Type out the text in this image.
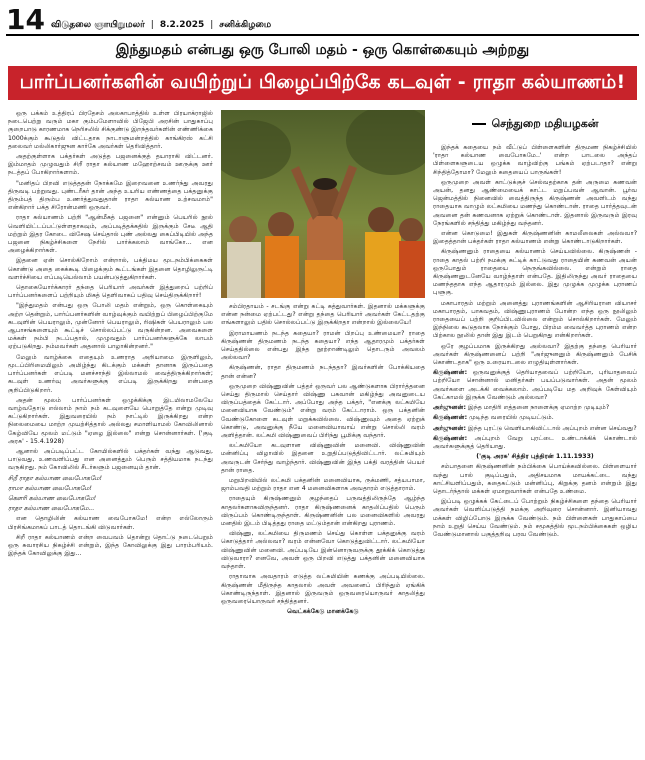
14 விடுதலை ஞாயிறுமலர் | 8.2.2025 | சனிக்கிழமை
இந்துமதம் என்பது ஒரு போலி மதம் - ஒரு கொள்கையும் அற்றது
பார்ப்பனர்களின் வயிற்றுப் பிழைப்பிற்கே கடவுள் - ராதா கல்யாணம்!

ஒரு பக்கம் உத்திரப் பிரதேசம் அலகாபாத்தில் உள்ள பிரயாக்ராஜில் நடைபெற்று வரும் மகா கும்பமேளாவில் பிஜேபி அரசின் பாதுகாப்பு குறைபாடு காரணமாக நெரிசலில் சிக்குண்டு இறந்தவர்களின் எண்ணிக்கை 1000க்கும் கூடுதல் விட்டதாக நாடாளுமன்றத்தில் காங்கிரஸ் கட்சி தலைவர் மல்லிகார்ஜுன கார்கே அவர்கள் தெரிவித்தார்.

அதற்குள்ளாக பக்தர்கள் அடுத்த பஜனைக்குத் தயாராகி விட்டனர். இம்மாதம் முழுவதும் சிறீ ராதா கல்யாண மஹோற்சவம் ஊருக்கு ஊர் நடத்தப் போகிறார்களாம்.

"மனிதப் பிறவி எடுத்ததன் நோக்கமே இறைவனை உணர்ந்து அவரது திருவடி பற்றுவது. புண்டரீகர் தான் அந்த உயரிய எண்ணத்தை பக்தனுக்கு திரும்பத் திரும்ப உணர்த்துவதுதான் ராதா கல்யாண உற்சவமாம்" என்கிறார் பக்த சிரோன்மணி ஒருவர்.

ராதா கல்யாணம் பற்றி "ஆன்மீகத் பஜனை" என்னும் பெயரில் நூல் வெளியிட்டப்பட்டுள்ளதாகவும், அப்படித்தக்கதில் இருக்கும் சேடீ ஆதி மற்றும் இதர கோடை விசேஷ செய்தால் புண் அல்லது கைப்பிடியில் அந்த பஜனை நிகழ்ச்சிகளை நேரில் பார்க்கலாம் வாங்கோ... என அழைக்கிறார்கள்.

இதனை ஏன் சொல்கிறோம் என்றால், பக்திமய மூடநம்பிக்கைகள் கொண்டு அதை கைக்கூடி பிழைக்கும் கூட்டங்கள் இதனை தொழிலுருட்டி வளர்ச்சியை எப்படியெல்லாம் பயன்படுத்துகிறார்கள்.

தொகையோர்க்காரர் தந்தை பெரியார் அவர்கள் இத்துறைப் பற்றிப் பார்ப்பனர்களைப் பற்றியும் மிகத் தெளிவாகப் பதிவு செய்திருக்கிறார்!

"இந்துமதம் என்பது ஒரு போலி மதம் என்றும், ஒரு கொள்கையும் அற்ற தென்றும், பார்ப்பனர்களின் வாழ்வுக்கும் வயிற்றுப் பிழைப்பிற்குமே கடவுளின் பெயராலும், முன்னோர் பெயராலும், ரிஷிகள் பெயராலும் பல ஆபாசங்களையும் கூட்டிச் சொல்லப்பட்டு வருகின்றன. அவைகளை மக்கள் நம்பி நடப்பதால், முழுவதும் பார்ப்பனர்களுக்கே லாபம் ஏற்படுகிறது. நம்மவர்கள் அதனால் பாழாகின்றனர்."

மேலும் வாழ்க்கை எதையும் உணராத அறியாமை இருளிலும், மூடப்பிரிமையிலும் அமிழ்ந்து கிடக்கும் மக்கள் தானாக இருப்பதை பார்ப்பனர்கள் எப்படி மனச்சாந்தி இல்லாமல் வைத்திருக்கிறார்கள்; கடவுள் உணர்வு அவர்களுக்கு எப்படி இருக்கிறது என்பதை குறிப்பிடுகிறார்.

அதன் மூலம் பார்ப்பனர்கள் ஒழுக்கிக்கு இடமிலாமலேயே வாழ்வதோடு எல்லாம் நாம் நம் கடவுளையே பொறுத்தே என்று முடிவு கட்டுகிறார்கள். இதுவரையில் நம் நாட்டில் இருக்கிறது என்ற நிலைமையை மாற்ற முயற்சித்தால் அல்லது சமாளியாமல் கோவிலினால் கேழ்வியே மூலம் மட்டும் "ஏழை இல்லை" என்று சொன்னார்கள். ('குடி அரசு' - 15.4.1928)

ஆனால் அப்படிப்பட்ட கோயில்களில் பக்தர்கள் வந்து ஆடுவது, பாடுவது, உணவளிப்பது என அனைத்தும் பெரும் சத்தியமாக நடந்து வருகிறது. நம் கோவிலில் சீடர்களும் பஜனையும் தான்.

சிறீ ராதா கல்யாண வைபோகமே!

ராமா கல்யாண வைபோகமே!

கௌரி கல்யாண வைபோகமே!

ராதா கல்யாண வைபோகமே...

என தொழிலின் கல்யாண வைபோகமே! என்ற எல்லோரும் பிரசிங்கமாகப் பாடத் தொடங்கி விடுவார்கள்.

சிறீ ராதா கல்யாணம் என்ற வைபவம் தொன்று தொட்டு நடைபெறும் ஒரு சுவாரசிய நிகழ்ச்சி என்றும், இந்த கோவிலுக்கு இது பாரம்பரியம். இந்தக் கோவிலுக்கு இது...

சம்பிரதாயம் - சடங்கு என்று கட்டி கத்துவார்கள். இதனால் மக்களுக்கு என்ன நன்மை ஏற்பட்டது? என்று தந்தை பெரியார் அவர்கள் கேட்டதற்கு எங்களாலும் பதில் சொல்லப்பட்டு இருக்கிறதா என்றால் இல்லையே!

இராமாயணம் நடந்த கதையா? ராமன் பிறப்பு உண்மையா? ராதை கிருஷ்ணன் திருமணம் நடந்த கதையா? எந்த ஆதாரமும் பக்தர்கள் செய்ததில்லை என்பது இந்த நூற்றாண்டிலும் தொடரும் அவலம் அல்லவா?

கிருஷ்ணன், ராதா திருமணம் நடந்ததா? இவர்களின் போக்கியதை தான் என்ன?

ஒருமுறை விஷ்ணுவின் பத்தர் ஒருவர் பல ஆண்டுகளாக பிரார்த்தனை செய்து திருமால் செய்தார் விஷ்ணு பகவான் மகிழ்ந்து அவனுடைய விருப்பத்தைக் கேட்டார். அப்போது அந்த பக்தர், "எனக்கு லட்சுமியே மனைவியாக வேண்டும்" என்று வரம் கேட்டாராம். ஒரு பக்தனின் வேண்டுகோளை கடவுள் மறுக்கவில்லை. விஷ்ணுவும் அதை ஏற்றுக் கொண்டு, அவனுக்கு நீயே மனைவியாவாய் என்று சொல்லி வரம் அளித்தான். லட்சுமி விஷ்ணுவைப் பிரிந்து பூமிக்கு வந்தார்.

லட்சுமியோ கடவுளான விஷ்ணுவின் மனைவி. விஷ்ணுவின் மன்னிப்பு விழாவில் இதனை உறுதிப்படுத்திவிட்டார். லட்சுமியும் அவருடன் சேர்ந்து வாழ்ந்தார். விஷ்ணுவின் இந்த பக்தி வரத்தின் பெயர் தான் ராதை.

மறுபிறவியில் லட்சுமி பக்தனின் மனைவியாக, ருக்மணி, சத்யபாமா, ஜாம்பவதி மற்றும் ராதா என 4 மனைவிகளாக அவதாரம் எடுத்தாராம்.

ராதையும் கிருஷ்ணனும் குழந்தைப் பருவத்திலிருந்தே ஆழ்ந்த காதலர்களாகவிருந்தனர். ராதா கிருஷ்ணனைக் காதலிப்பதில் பெரும் விருப்பம் கொண்டிருந்தாள். கிருஷ்ணனின் பல மனைவிகளில் அவரது மனதில் இடம் பிடித்தது ராதை மட்டும்தான் என்கிறது புராணம்.

விஷ்ணு, லட்சுமியை திருமணம் செய்து கொள்ள பக்தனுக்கு வரம் கொடுத்தார் அல்லவா? வரம் என்னவோ கொடுத்துவிட்டார். லட்சுமியோ விஷ்ணுவின் மனைவி. அப்படியே இன்னொருவருக்கு தூக்கிக் கொடுத்து விடுவாரா? எனவே, அவள் ஒரு பிறவி எடுத்து பக்தனின் மனைவியாக வந்தாள்.

ராதாவாக அவதாரம் எடுத்த லட்சுமியின் கணக்கு அப்படியில்லை. கிருஷ்ணன் மீதிருந்த காதலால் அவள் அவனைப் பிரிந்தும் ஏங்கிக் கொண்டிருந்தாள். இதனால் இருவரும் ஒருவரையொருவர் காதலித்து ஒருவரையொருவர் சந்தித்தனர்.

வெட்கக்கேடு மானக்கேடு

செந்துறை மதியழகன்

இந்தக் கதையை நம் வீட்டுப் பிள்ளைகளின் திருமண நிகழ்ச்சியில் 'ராதா கல்யாண வைபோகமே..' என்ற பாடலை அந்தப் பிள்ளைகளுடைய ஒழுக்க வாழ்விற்கு பங்கம் ஏற்படாதா? என்று சிந்தித்தோமா? மேலும் கதையைப் பாருங்கள்!

ஒருமுறை அவள் காட்டுக்குச் செல்வதற்காக தன் அருமை கணவன் அயன், தனது ஆண்மையைக் காட்ட மறுப்பவன் ஆவான். பூர்வ ஜென்மத்தில் நினைவில் வைத்திருந்த கிருஷ்ணன் அவளிடம் வந்து ராதையாக வாழும் லட்சுமியை மணந்து கொண்டான். ராதை பார்த்தவுடன் அவனை தன் கணவனாக ஏற்றுக் கொண்டாள். இதனால் இருவரும் இரவு நேரங்களில் சந்தித்து மகிழ்ந்து வந்தனர்.

என்ன கொடுமை! இதுகள் கிருஷ்ணனின் காமலீலைகள் அல்லவா? இதைத்தான் பக்தர்கள் ராதா கல்யாணம் என்று கொண்டாடுகிறார்கள்.

கிருஷ்ணனும் ராதையை கல்யாணம் செய்யவில்லை. கிருஷ்ணன் - ராதை காதல் பற்றி நமக்கு சுட்டிக் காட்டுவது ராதையின் கணவன் அயன் ஒருபோதும் ராதையை நெருங்கவில்லை. என்றும் ராதை கிருஷ்ணனுடனேயே வாழ்ந்தாள் என்பதே. இதிலிருந்து அவர் ராதையை மணந்ததாக எந்த ஆதாரமும் இல்லை. இது முழுக்க முழுக்க புராணப் புளுகு.

மகாபாரதம் மற்றும் அனைத்து புராணங்களின் ஆசிரியரான வியாசர் மகாபாரதம், பாகவதம், விஷ்ணுபுராணம் போன்ற எந்த ஒரு நூலிலும் ராதையைப் பற்றி குறிப்பிடவில்லை என்றும் சொல்கிறார்கள். மேலும் இந்நிலை கூடுதலாக நோக்கும் போது, பிரம்ம வைவர்த்த புராணம் என்ற பிற்கால நூலில் தான் இது இடம் பெறுகிறது என்கிறார்கள்.

ஒரே குழப்பமாக இருக்கிறது அல்லவா? இதற்கு தந்தை பெரியார் அவர்கள் கிருஷ்ணனைப் பற்றி "அர்ஜுனனும் கிருஷ்ணனும் பேசிக் கொண்டதாக" ஒரு உரையாடலை எழுதியுள்ளார்கள்.

கிருஷ்ணன்: ஒருவனுக்குத் தெரியாதவைப் பற்றியோ, புரியாதவைப் பற்றியோ சொன்னால் மனிதர்கள் பயப்படுவார்கள். அதன் மூலம் அவர்களை அடக்கி வைக்கலாம். அப்படியே மத அறிவுக் கேள்வியும் கேட்காமல் இருக்க வேண்டும் அல்லவா?

அர்ஜுனன்: இந்த மாதிரி எத்தனை நாளைக்கு ஏமாற்ற முடியும்?

கிருஷ்ணன்: முடிந்த வரையில் முடியட்டும்.

அர்ஜுனன்: இந்த புரட்டு வெளியாகிவிட்டால் அப்புறம் என்ன செய்வது?

கிருஷ்ணன்: அப்புறம் வேறு புரட்டை உண்டாக்கிக் கொண்டால் அவர்களுக்குத் தெரியாது.

('குடி அரசு' சித்திர புத்திரன் 1.11.1933)

சம்பாதனை கிருஷ்ணனின் நம்பிக்கை பொய்க்கவில்லை. பிள்ளையார் வந்து பால் குடிப்பதும், அதிசயமாக மாயக்கட்டை வந்து காட்சியளிப்பதும், கதைகட்டும் மன்னிப்பு, கிறுக்கு தனம் என்றும் இது தொடர்ந்தால் மக்கள் ஏமாறுவார்கள் என்பதே உண்மை.

இப்படி ஒழுக்கக் கேட்டைப் போற்றும் நிகழ்ச்சிகளை தந்தை பெரியார் அவர்கள் வெளிப்படுத்தி நமக்கு அறிவுரை சொன்னார். இனியாவது மக்கள் விழிப்போடு இருக்க வேண்டும். நம் பிள்ளைகள் பாதுகாப்பை நாம் உறுதி செய்ய வேண்டும். நம் சமூகத்தில் மூடநம்பிக்கைகள் ஒழிய வேண்டுமானால் பகுத்தறிவு பரவ வேண்டும்.
